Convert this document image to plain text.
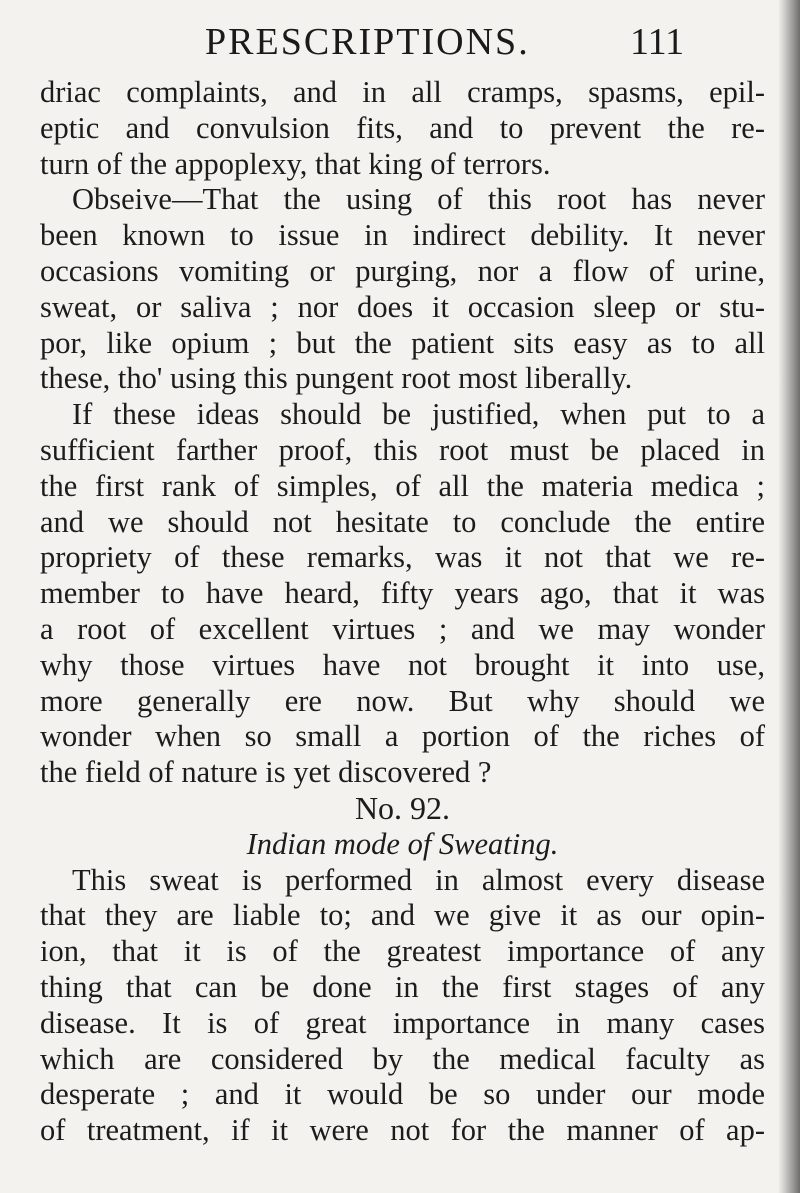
PRESCRIPTIONS.	111
driac complaints, and in all cramps, spasms, epil-
eptic and convulsion fits, and to prevent the re-
turn of the appoplexy, that king of terrors.
Obseive—That the using of this root has never
been known to issue in indirect debility. It never
occasions vomiting or purging, nor a flow of urine,
sweat, or saliva ; nor does it occasion sleep or stu-
por, like opium ; but the patient sits easy as to all
these, tho' using this pungent root most liberally.
If these ideas should be justified, when put to a
sufficient farther proof, this root must be placed in
the first rank of simples, of all the materia medica ;
and we should not hesitate to conclude the entire
propriety of these remarks, was it not that we re-
member to have heard, fifty years ago, that it was
a root of excellent virtues ; and we may wonder
why those virtues have not brought it into use,
more generally ere now. But why should we
wonder when so small a portion of the riches of
the field of nature is yet discovered ?
No. 92.
Indian mode of Sweating.
This sweat is performed in almost every disease
that they are liable to; and we give it as our opin-
ion, that it is of the greatest importance of any
thing that can be done in the first stages of any
disease. It is of great importance in many cases
which are considered by the medical faculty as
desperate ; and it would be so under our mode
of treatment, if it were not for the manner of ap-
